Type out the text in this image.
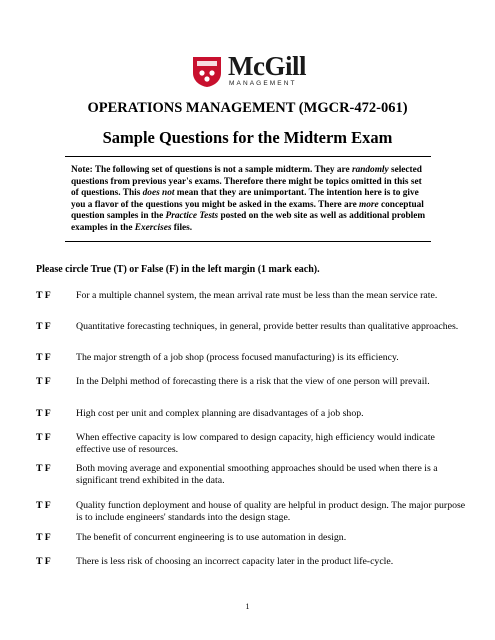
McGill
MANAGEMENT
OPERATIONS MANAGEMENT (MGCR-472-061)
Sample Questions for the Midterm Exam

Note: The following set of questions is not a sample midterm. They are randomly selected questions from previous year's exams. Therefore there might be topics omitted in this set of questions. This does not mean that they are unimportant. The intention here is to give you a flavor of the questions you might be asked in the exams. There are more conceptual question samples in the Practice Tests posted on the web site as well as additional problem examples in the Exercises files.

Please circle True (T) or False (F) in the left margin (1 mark each).
T F	For a multiple channel system, the mean arrival rate must be less than the mean service rate.
T F	Quantitative forecasting techniques, in general, provide better results than qualitative approaches.
T F	The major strength of a job shop (process focused manufacturing) is its efficiency.
T F	In the Delphi method of forecasting there is a risk that the view of one person will prevail.
T F	High cost per unit and complex planning are disadvantages of a job shop.
T F	When effective capacity is low compared to design capacity, high efficiency would indicate effective use of resources.
T F	Both moving average and exponential smoothing approaches should be used when there is a significant trend exhibited in the data.
T F	Quality function deployment and house of quality are helpful in product design. The major purpose is to include engineers' standards into the design stage.
T F	The benefit of concurrent engineering is to use automation in design.
T F	There is less risk of choosing an incorrect capacity later in the product life-cycle.
1
